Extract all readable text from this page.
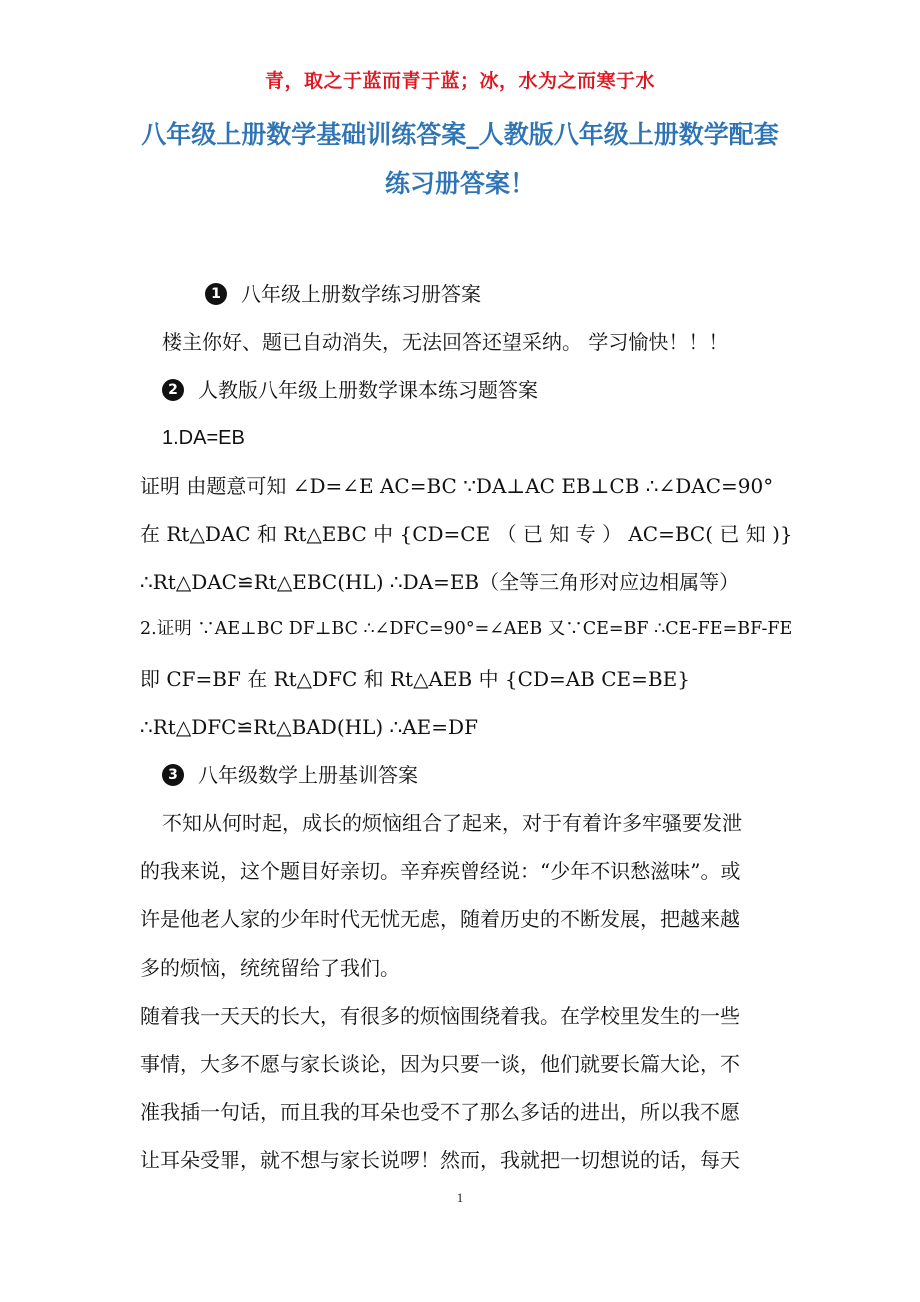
青，取之于蓝而青于蓝；冰，水为之而寒于水
八年级上册数学基础训练答案_人教版八年级上册数学配套
练习册答案！
1	八年级上册数学练习册答案
楼主你好、题已自动消失，无法回答还望采纳。 学习愉快！！！
2	人教版八年级上册数学课本练习题答案
1.DA=EB
证明 由题意可知 ∠D=∠E AC=BC ∵DA⊥AC EB⊥CB ∴∠DAC=90°
在 Rt△DAC 和 Rt△EBC 中 {CD=CE （ 已 知 专 ） AC=BC( 已 知 )}
∴Rt△DAC≌Rt△EBC(HL) ∴DA=EB（全等三角形对应边相属等）
2.证明 ∵AE⊥BC DF⊥BC ∴∠DFC=90°=∠AEB 又∵CE=BF ∴CE-FE=BF-FE
即 CF=BF 在 Rt△DFC 和 Rt△AEB 中 {CD=AB CE=BE}
∴Rt△DFC≌Rt△BAD(HL) ∴AE=DF
3	八年级数学上册基训答案
不知从何时起，成长的烦恼组合了起来，对于有着许多牢骚要发泄
的我来说，这个题目好亲切。辛弃疾曾经说：“少年不识愁滋味”。或
许是他老人家的少年时代无忧无虑，随着历史的不断发展，把越来越
多的烦恼，统统留给了我们。
随着我一天天的长大，有很多的烦恼围绕着我。在学校里发生的一些
事情，大多不愿与家长谈论，因为只要一谈，他们就要长篇大论，不
准我插一句话，而且我的耳朵也受不了那么多话的进出，所以我不愿
让耳朵受罪，就不想与家长说啰！然而，我就把一切想说的话，每天
1
